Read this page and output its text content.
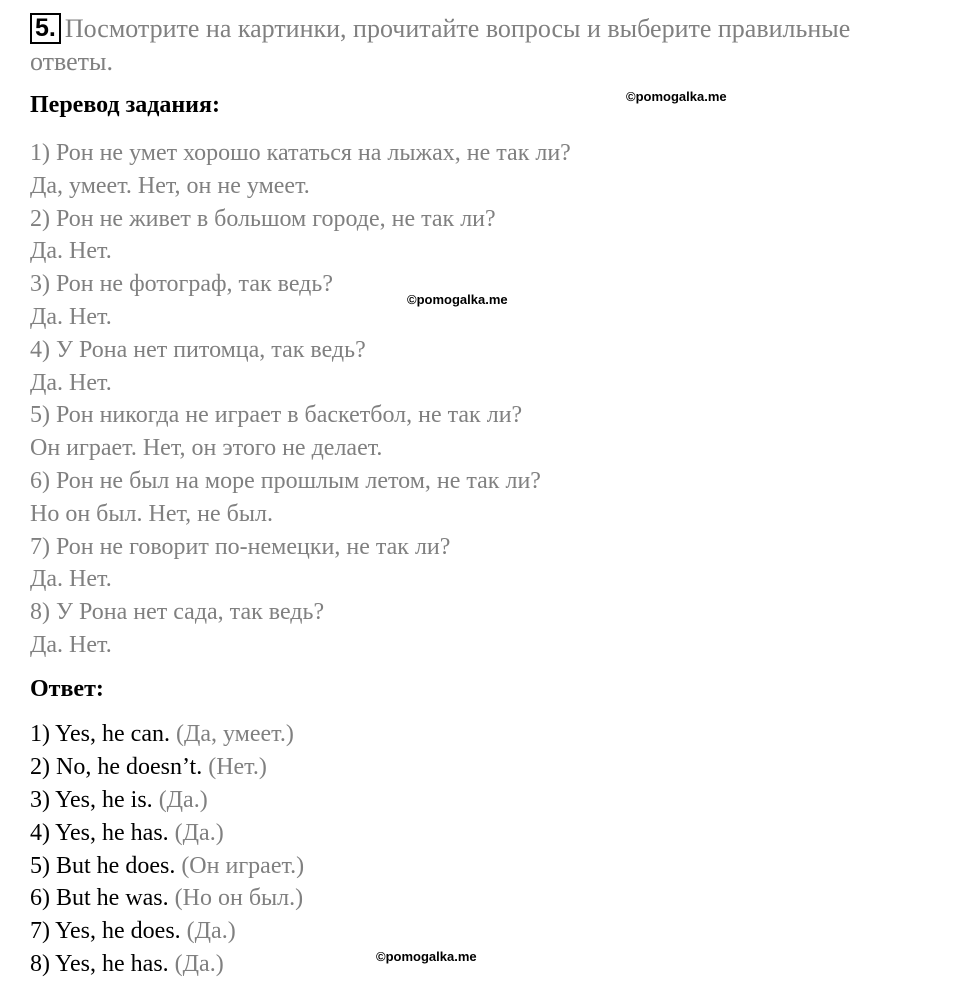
5. Посмотрите на картинки, прочитайте вопросы и выберите правильные ответы.
Перевод задания:	©pomogalka.me
©pomogalka.me
©pomogalka.me
1) Рон не умет хорошо кататься на лыжах, не так ли?
Да, умеет. Нет, он не умеет.
2) Рон не живет в большом городе, не так ли?
Да. Нет.
3) Рон не фотограф, так ведь?
Да. Нет.
4) У Рона нет питомца, так ведь?
Да. Нет.
5) Рон никогда не играет в баскетбол, не так ли?
Он играет. Нет, он этого не делает.
6) Рон не был на море прошлым летом, не так ли?
Но он был. Нет, не был.
7) Рон не говорит по-немецки, не так ли?
Да. Нет.
8) У Рона нет сада, так ведь?
Да. Нет.
Ответ:
1) Yes, he can. (Да, умеет.)
2) No, he doesn’t. (Нет.)
3) Yes, he is. (Да.)
4) Yes, he has. (Да.)
5) But he does. (Он играет.)
6) But he was. (Но он был.)
7) Yes, he does. (Да.)
8) Yes, he has. (Да.)
